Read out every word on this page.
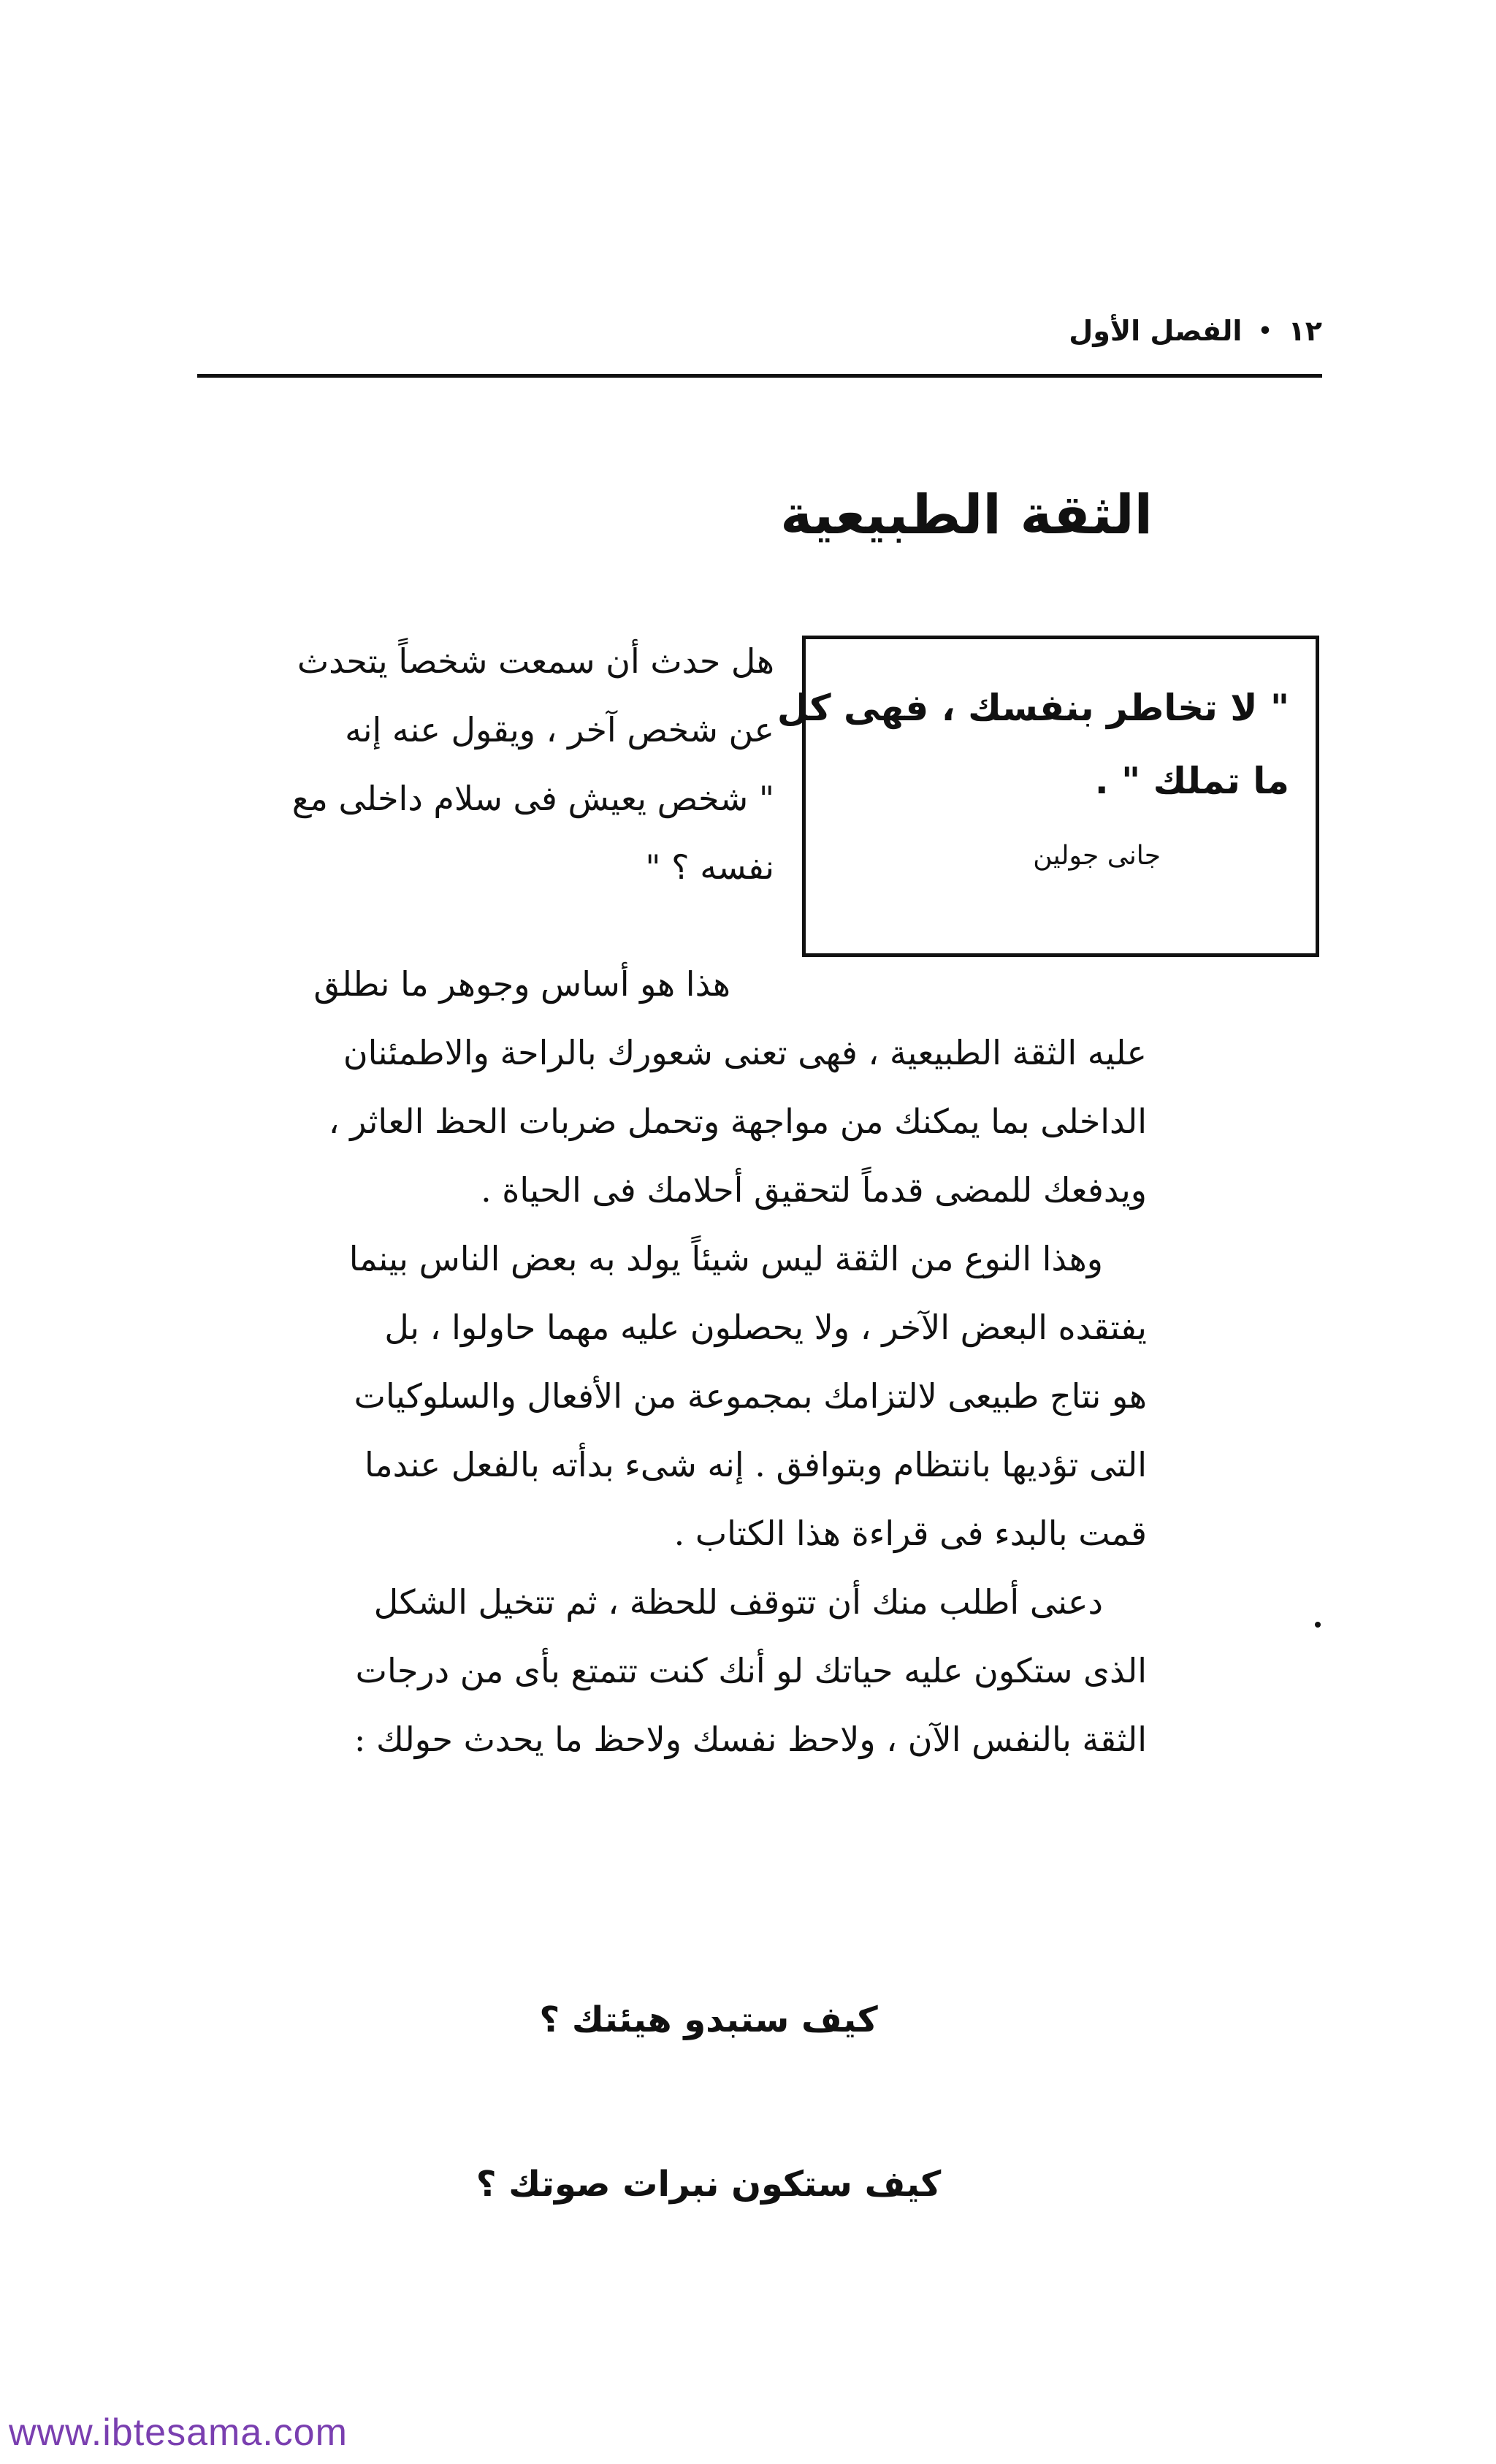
١٢
•
الفصل الأول
الثقة الطبيعية
" لا تخاطر بنفسك ، فهى كل
ما تملك " .
جانى جولين
هل حدث أن سمعت شخصاً يتحدث
عن شخص آخر ، ويقول عنه إنه
" شخص يعيش فى سلام داخلى مع
نفسه ؟ "
هذا هو أساس وجوهر ما نطلق
عليه الثقة الطبيعية ، فهى تعنى شعورك بالراحة والاطمئنان
الداخلى بما يمكنك من مواجهة وتحمل ضربات الحظ العاثر ،
ويدفعك للمضى قدماً لتحقيق أحلامك فى الحياة .
وهذا النوع من الثقة ليس شيئاً يولد به بعض الناس بينما
يفتقده البعض الآخر ، ولا يحصلون عليه مهما حاولوا ، بل
هو نتاج طبيعى لالتزامك بمجموعة من الأفعال والسلوكيات
التى تؤديها بانتظام وبتوافق . إنه شىء بدأته بالفعل عندما
قمت بالبدء فى قراءة هذا الكتاب .
دعنى أطلب منك أن تتوقف للحظة ، ثم تتخيل الشكل
الذى ستكون عليه حياتك لو أنك كنت تتمتع بأى من درجات
الثقة بالنفس الآن ، ولاحظ نفسك ولاحظ ما يحدث حولك :
كيف ستبدو هيئتك ؟
كيف ستكون نبرات صوتك ؟
www.ibtesama.com
